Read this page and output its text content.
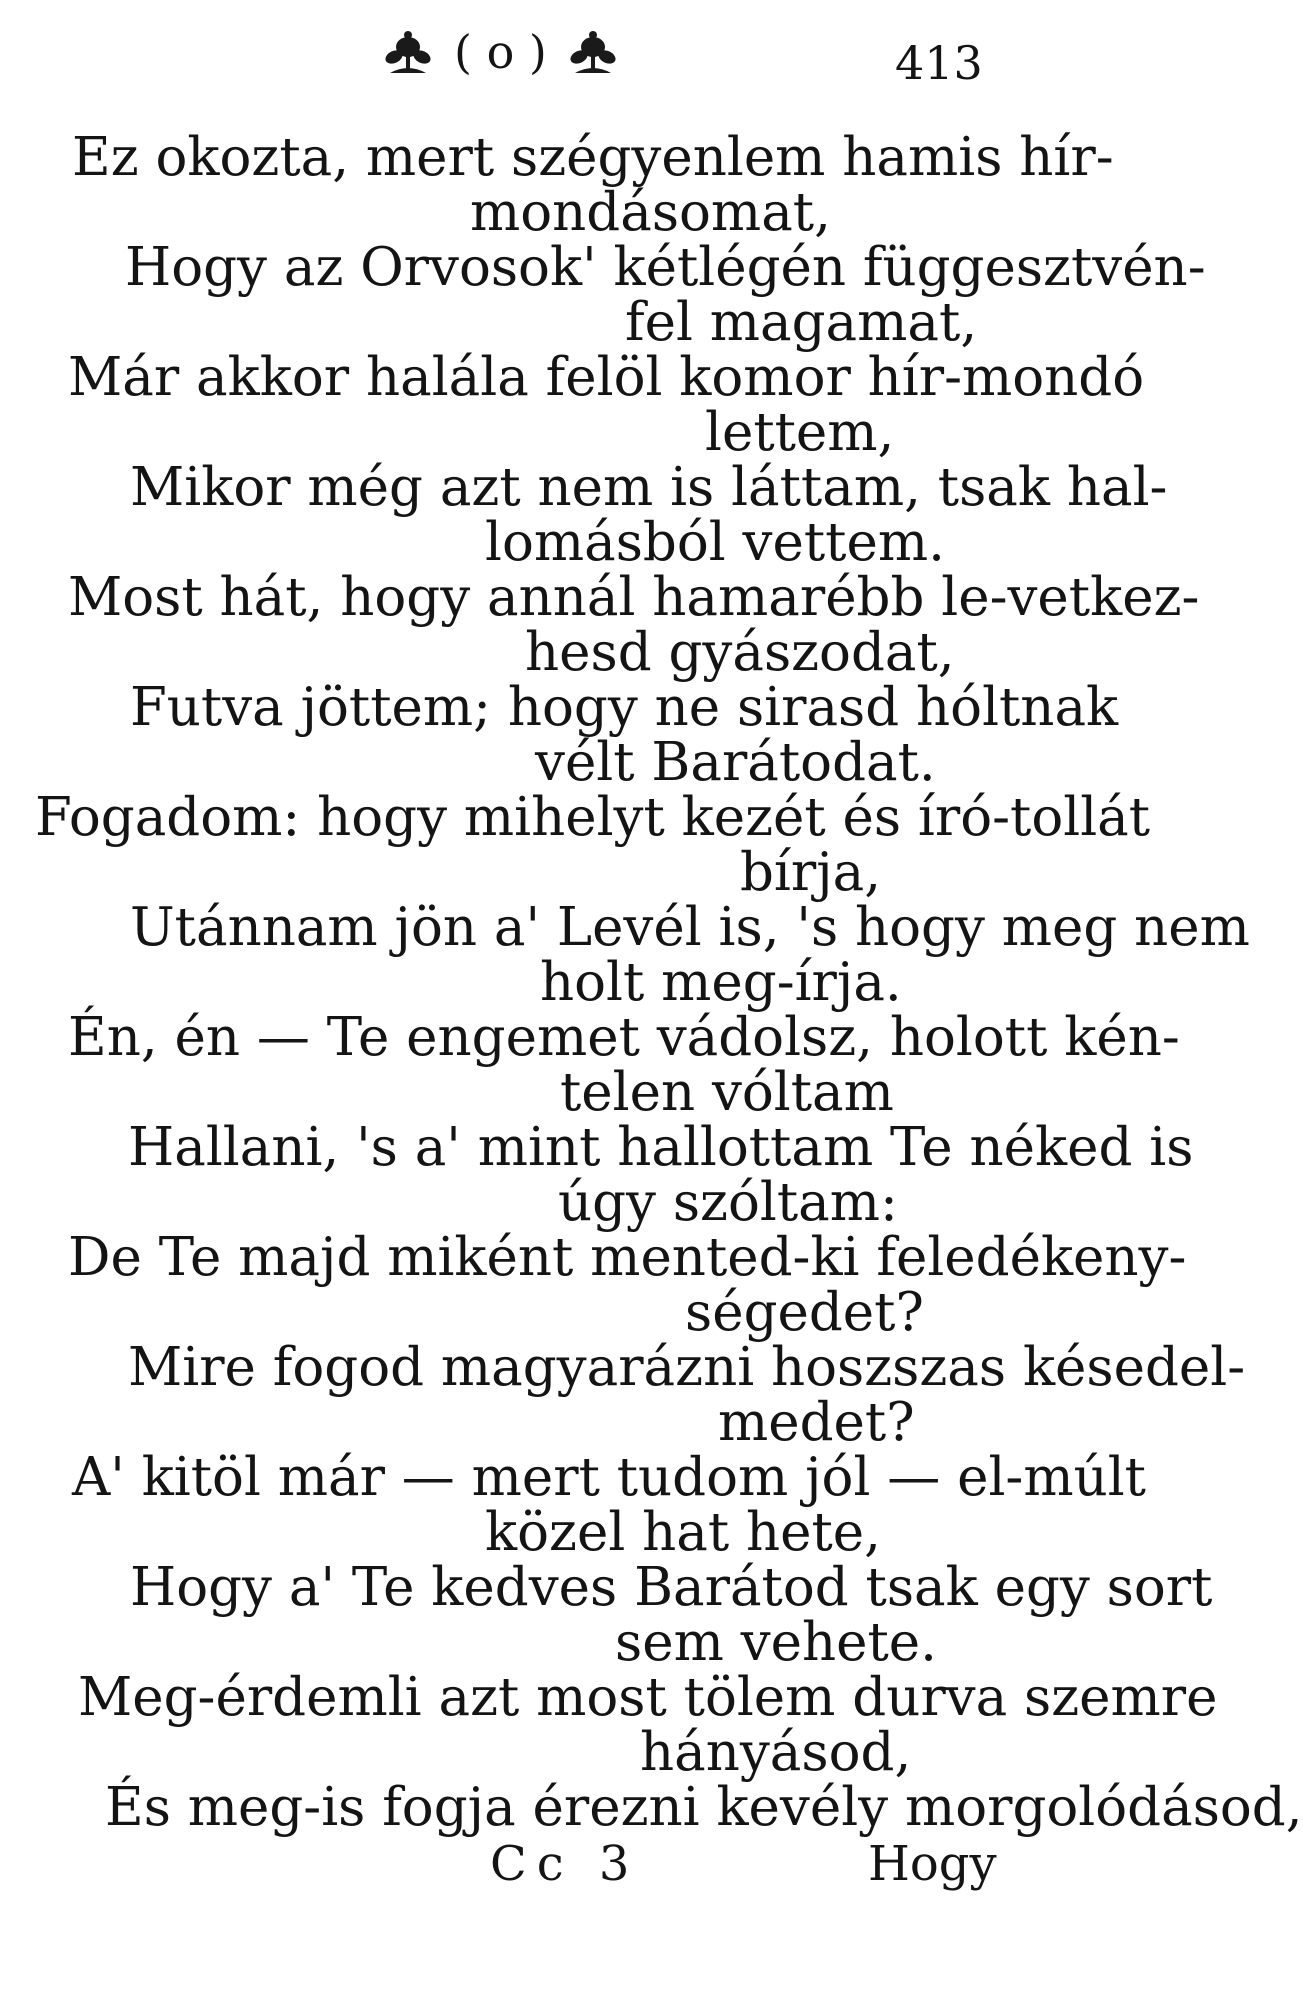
( o )	413
Ez okozta, mert szégyenlem hamis hír-
mondásomat,
Hogy az Orvosok' kétlégén függesztvén-
fel magamat,
Már akkor halála felöl komor hír-mondó
lettem,
Mikor még azt nem is láttam, tsak hal-
lomásból vettem.
Most hát, hogy annál hamarébb le-vetkez-
hesd gyászodat,
Futva jöttem; hogy ne sirasd hóltnak
vélt Barátodat.
Fogadom: hogy mihelyt kezét és író-tollát
bírja,
Utánnam jön a' Levél is, 's hogy meg nem
holt meg-írja.
Én, én — Te engemet vádolsz, holott kén-
telen vóltam
Hallani, 's a' mint hallottam Te néked is
úgy szóltam:
De Te majd miként mented-ki feledékeny-
ségedet?
Mire fogod magyarázni hoszszas késedel-
medet?
A' kitöl már — mert tudom jól — el-múlt
közel hat hete,
Hogy a' Te kedves Barátod tsak egy sort
sem vehete.
Meg-érdemli azt most tölem durva szemre
hányásod,
És meg-is fogja érezni kevély morgolódásod,
Cc 3	Hogy
